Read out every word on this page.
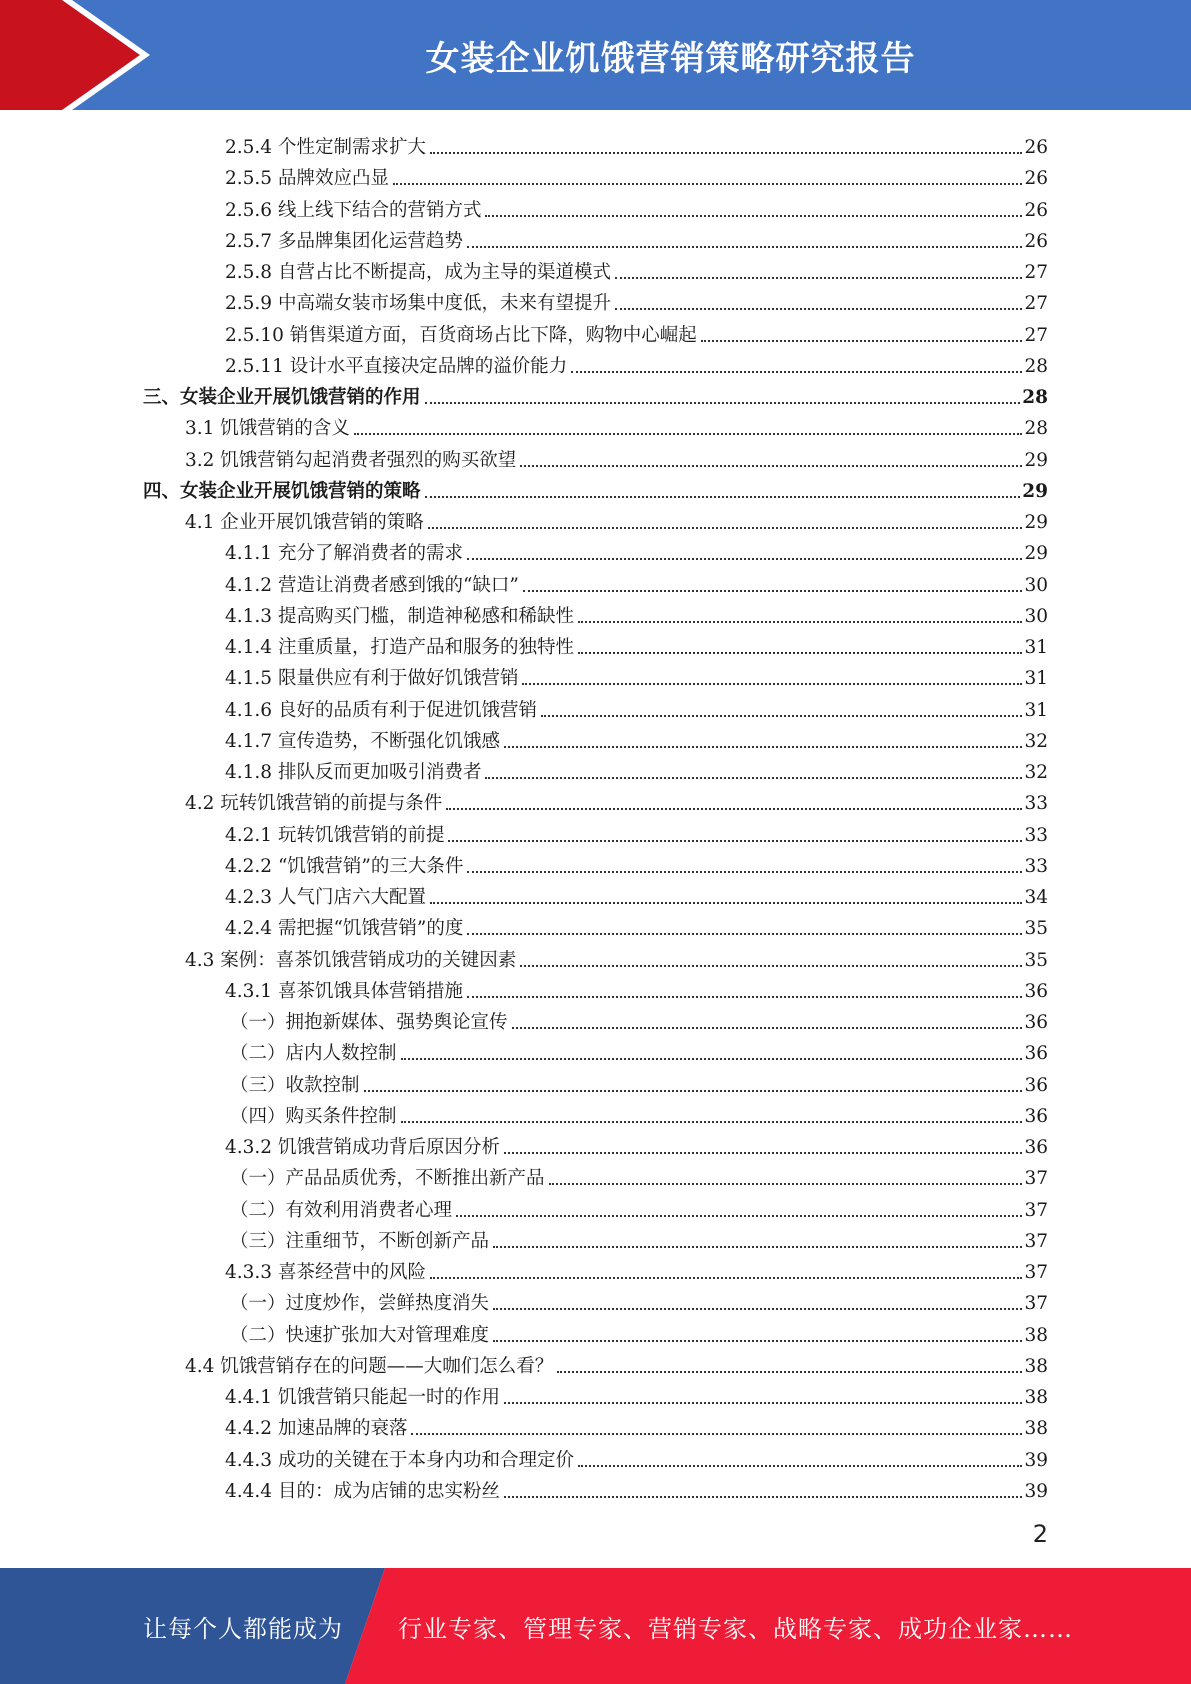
女装企业饥饿营销策略研究报告
2.5.4 个性定制需求扩大	26
2.5.5 品牌效应凸显	26
2.5.6 线上线下结合的营销方式	26
2.5.7 多品牌集团化运营趋势	26
2.5.8 自营占比不断提高，成为主导的渠道模式	27
2.5.9 中高端女装市场集中度低，未来有望提升	27
2.5.10 销售渠道方面，百货商场占比下降，购物中心崛起	27
2.5.11 设计水平直接决定品牌的溢价能力	28
三、女装企业开展饥饿营销的作用	28
3.1 饥饿营销的含义	28
3.2 饥饿营销勾起消费者强烈的购买欲望	29
四、女装企业开展饥饿营销的策略	29
4.1 企业开展饥饿营销的策略	29
4.1.1 充分了解消费者的需求	29
4.1.2 营造让消费者感到饿的“缺口”	30
4.1.3 提高购买门槛，制造神秘感和稀缺性	30
4.1.4 注重质量，打造产品和服务的独特性	31
4.1.5 限量供应有利于做好饥饿营销	31
4.1.6 良好的品质有利于促进饥饿营销	31
4.1.7 宣传造势，不断强化饥饿感	32
4.1.8 排队反而更加吸引消费者	32
4.2 玩转饥饿营销的前提与条件	33
4.2.1 玩转饥饿营销的前提	33
4.2.2 “饥饿营销”的三大条件	33
4.2.3 人气门店六大配置	34
4.2.4 需把握“饥饿营销”的度	35
4.3 案例：喜茶饥饿营销成功的关键因素	35
4.3.1 喜茶饥饿具体营销措施	36
（一）拥抱新媒体、强势舆论宣传	36
（二）店内人数控制	36
（三）收款控制	36
（四）购买条件控制	36
4.3.2 饥饿营销成功背后原因分析	36
（一）产品品质优秀，不断推出新产品	37
（二）有效利用消费者心理	37
（三）注重细节，不断创新产品	37
4.3.3 喜茶经营中的风险	37
（一）过度炒作，尝鲜热度消失	37
（二）快速扩张加大对管理难度	38
4.4 饥饿营销存在的问题——大咖们怎么看？	38
4.4.1 饥饿营销只能起一时的作用	38
4.4.2 加速品牌的衰落	38
4.4.3 成功的关键在于本身内功和合理定价	39
4.4.4 目的：成为店铺的忠实粉丝	39
2
让每个人都能成为 行业专家、管理专家、营销专家、战略专家、成功企业家……
